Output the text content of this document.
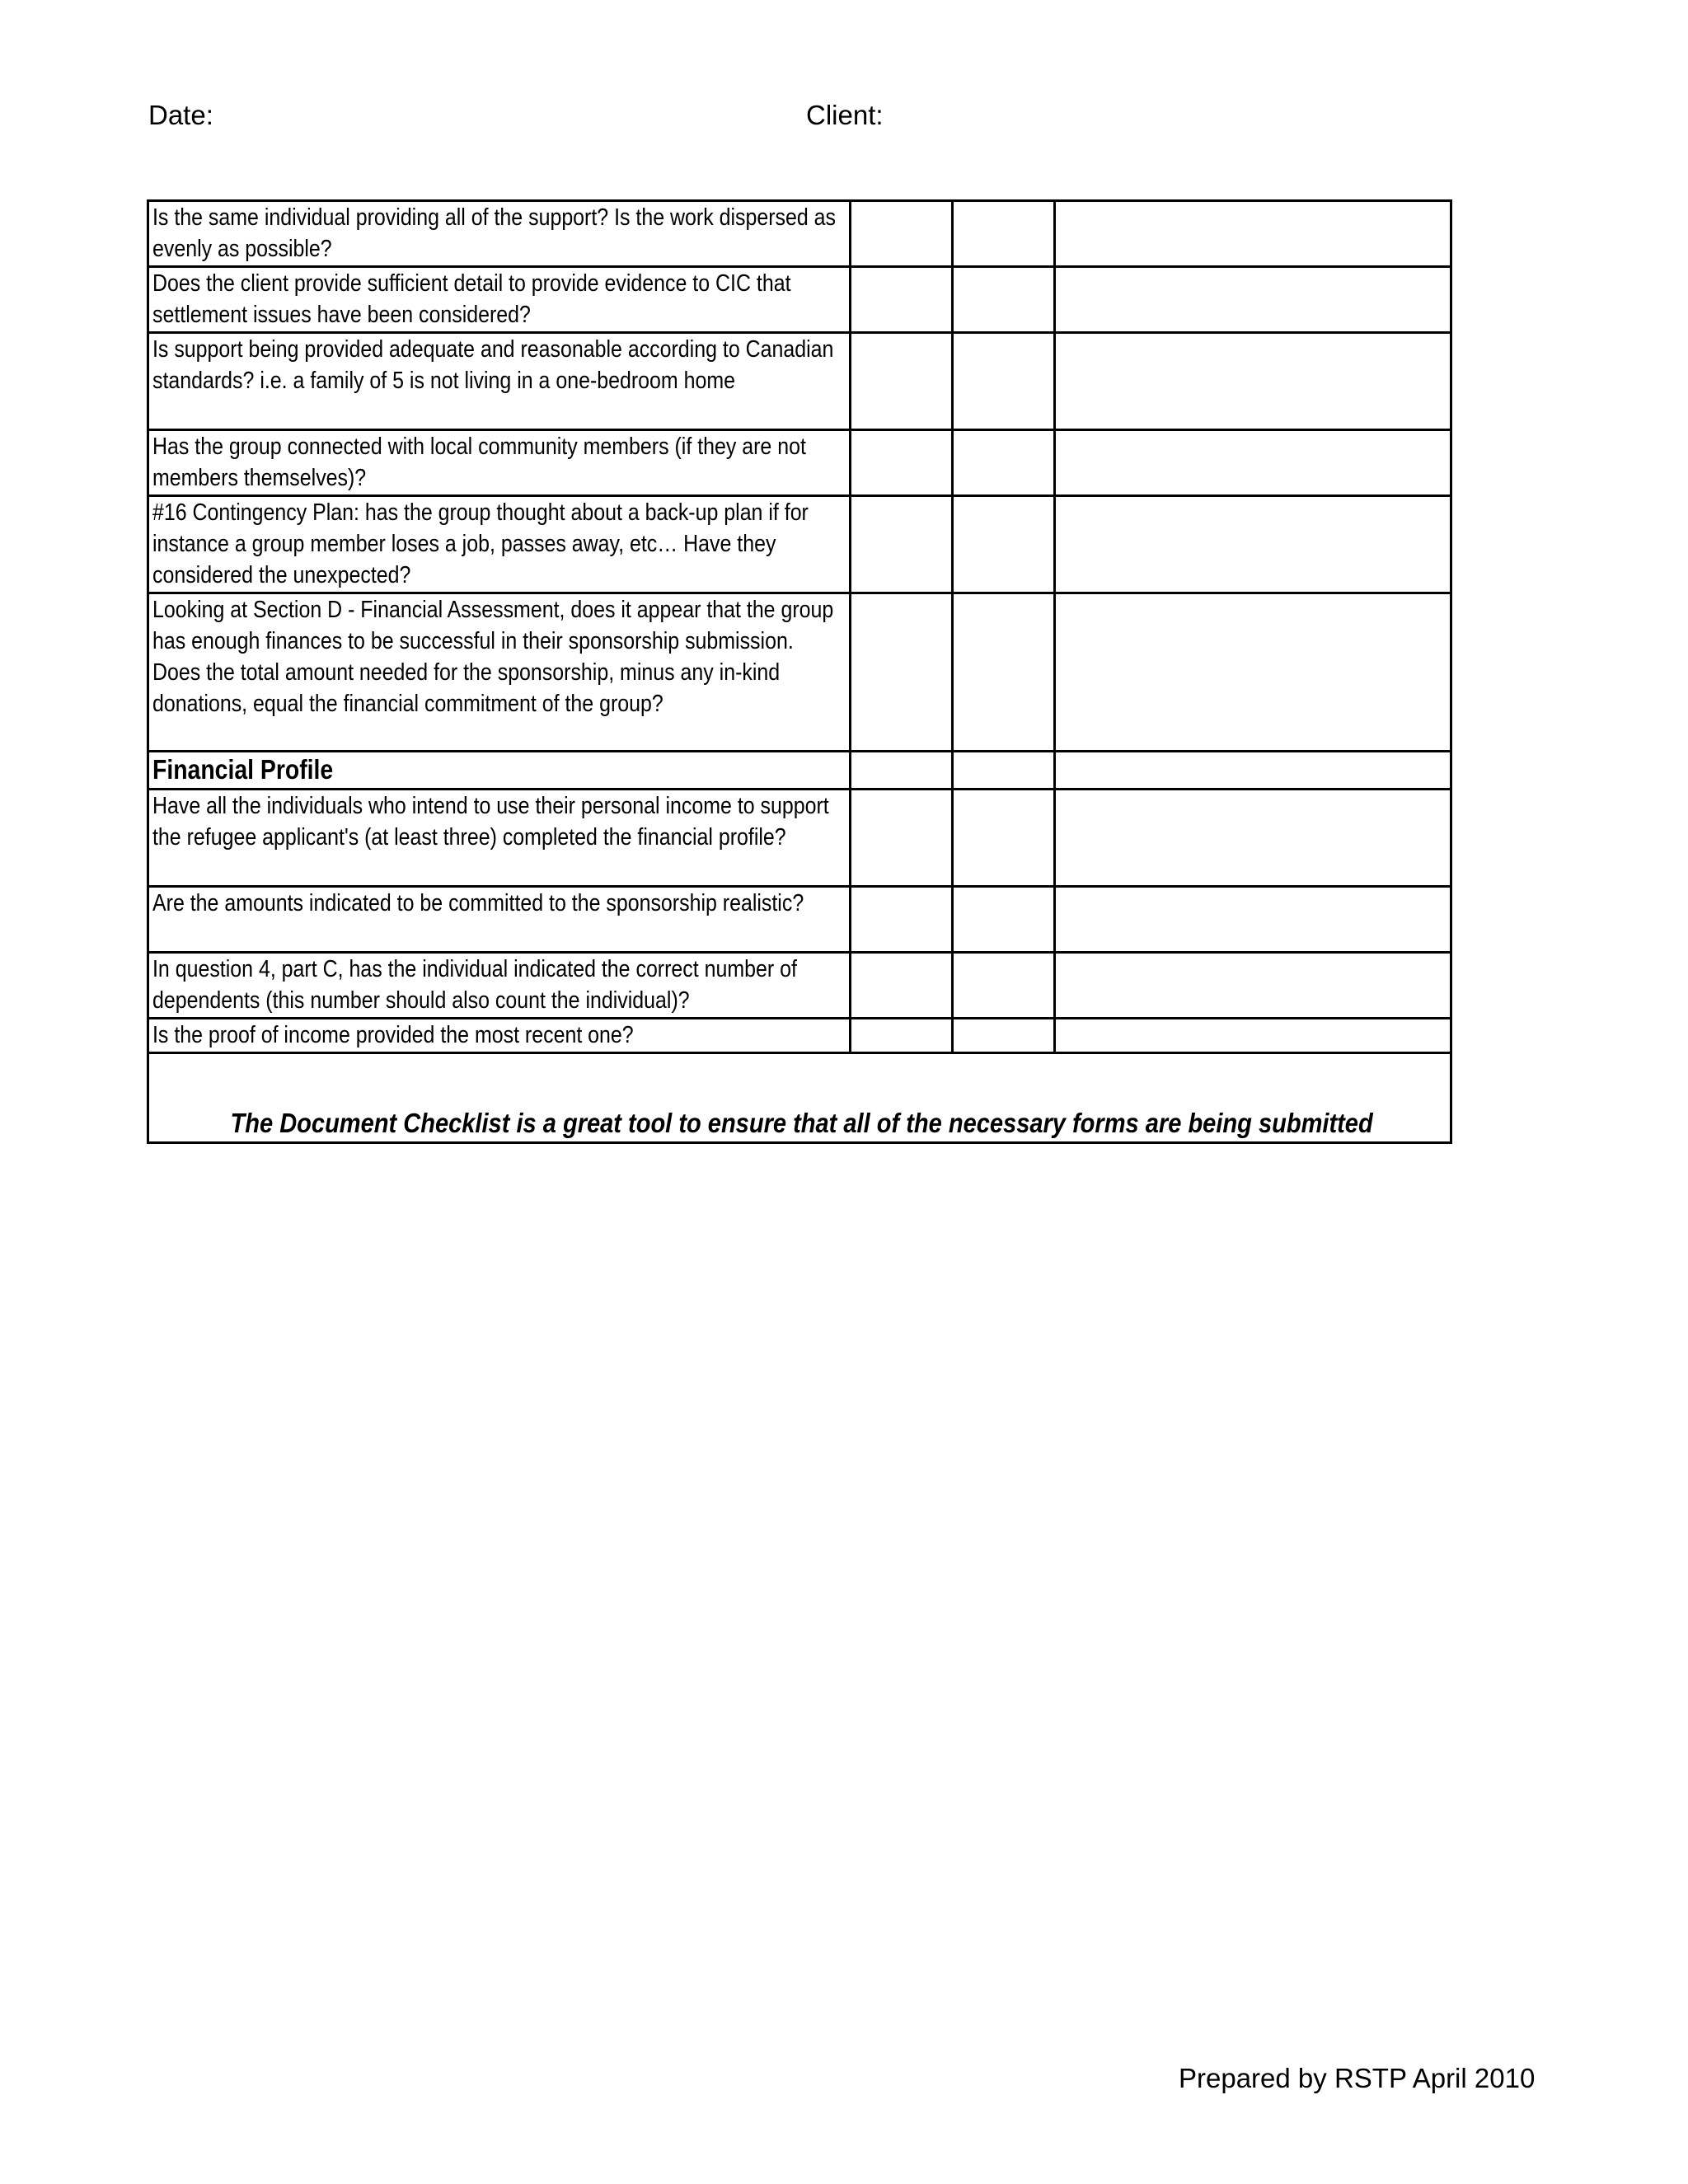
Date:	Client:
Is the same individual providing all of the support? Is the work dispersed as evenly as possible?			

Does the client provide sufficient detail to provide evidence to CIC that settlement issues have been considered?			

Is support being provided adequate and reasonable according to Canadian standards? i.e. a family of 5 is not living in a one-bedroom home			

Has the group connected with local community members (if they are not members themselves)?			

#16 Contingency Plan: has the group thought about a back-up plan if for instance a group member loses a job, passes away, etc… Have they considered the unexpected?			

Looking at Section D - Financial Assessment, does it appear that the group has enough finances to be successful in their sponsorship submission. Does the total amount needed for the sponsorship, minus any in-kind donations, equal the financial commitment of the group?			

Financial Profile			

Have all the individuals who intend to use their personal income to support the refugee applicant's (at least three) completed the financial profile?			

Are the amounts indicated to be committed to the sponsorship realistic?			

In question 4, part C, has the individual indicated the correct number of dependents (this number should also count the individual)?			

Is the proof of income provided the most recent one?			

The Document Checklist is a great tool to ensure that all of the necessary forms are being submitted			
Prepared by RSTP April 2010
